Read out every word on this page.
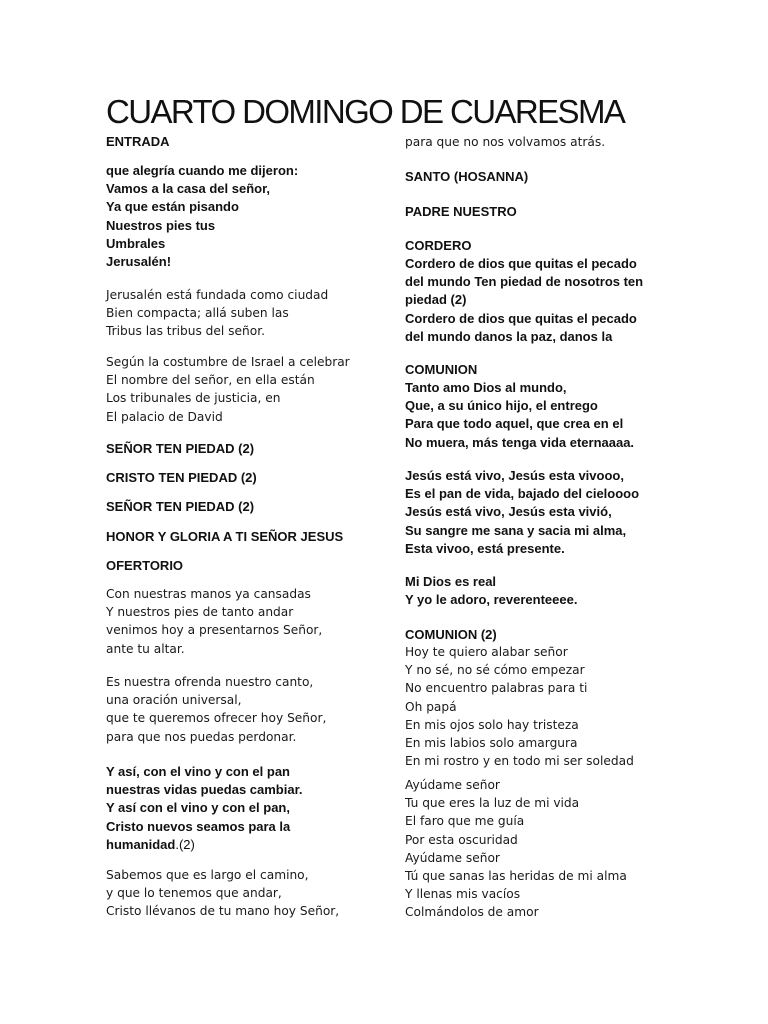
CUARTO DOMINGO DE CUARESMA
ENTRADA
que alegría cuando me dijeron:
Vamos a la casa del señor,
Ya que están pisando
Nuestros pies tus
Umbrales
Jerusalén!
Jerusalén está fundada como ciudad
Bien compacta; allá suben las
Tribus las tribus del señor.
Según la costumbre de Israel a celebrar
El nombre del señor, en ella están
Los tribunales de justicia, en
El palacio de David
SEÑOR TEN PIEDAD (2)
CRISTO TEN PIEDAD (2)
SEÑOR TEN PIEDAD (2)
HONOR Y GLORIA A TI SEÑOR JESUS
OFERTORIO
Con nuestras manos ya cansadas
Y nuestros pies de tanto andar
venimos hoy a presentarnos Señor,
ante tu altar.
Es nuestra ofrenda nuestro canto,
una oración universal,
que te queremos ofrecer hoy Señor,
para que nos puedas perdonar.
Y así, con el vino y con el pan
nuestras vidas puedas cambiar.
Y así con el vino y con el pan,
Cristo nuevos seamos para la
humanidad.(2)
Sabemos que es largo el camino,
y que lo tenemos que andar,
Cristo llévanos de tu mano hoy Señor,
para que no nos volvamos atrás.
SANTO (HOSANNA)
PADRE NUESTRO
CORDERO
Cordero de dios que quitas el pecado
del mundo Ten piedad de nosotros ten
piedad (2)
Cordero de dios que quitas el pecado
del mundo danos la paz, danos la
COMUNION
Tanto amo Dios al mundo,
Que, a su único hijo, el entrego
Para que todo aquel, que crea en el
No muera, más tenga vida eternaaaa.
Jesús está vivo, Jesús esta vivooo,
Es el pan de vida, bajado del cieloooo
Jesús está vivo, Jesús esta vivió,
Su sangre me sana y sacia mi alma,
Esta vivoo, está presente.
Mi Dios es real
Y yo le adoro, reverenteeee.
COMUNION (2)
Hoy te quiero alabar señor
Y no sé, no sé cómo empezar
No encuentro palabras para ti
Oh papá
En mis ojos solo hay tristeza
En mis labios solo amargura
En mi rostro y en todo mi ser soledad
Ayúdame señor
Tu que eres la luz de mi vida
El faro que me guía
Por esta oscuridad
Ayúdame señor
Tú que sanas las heridas de mi alma
Y llenas mis vacíos
Colmándolos de amor
